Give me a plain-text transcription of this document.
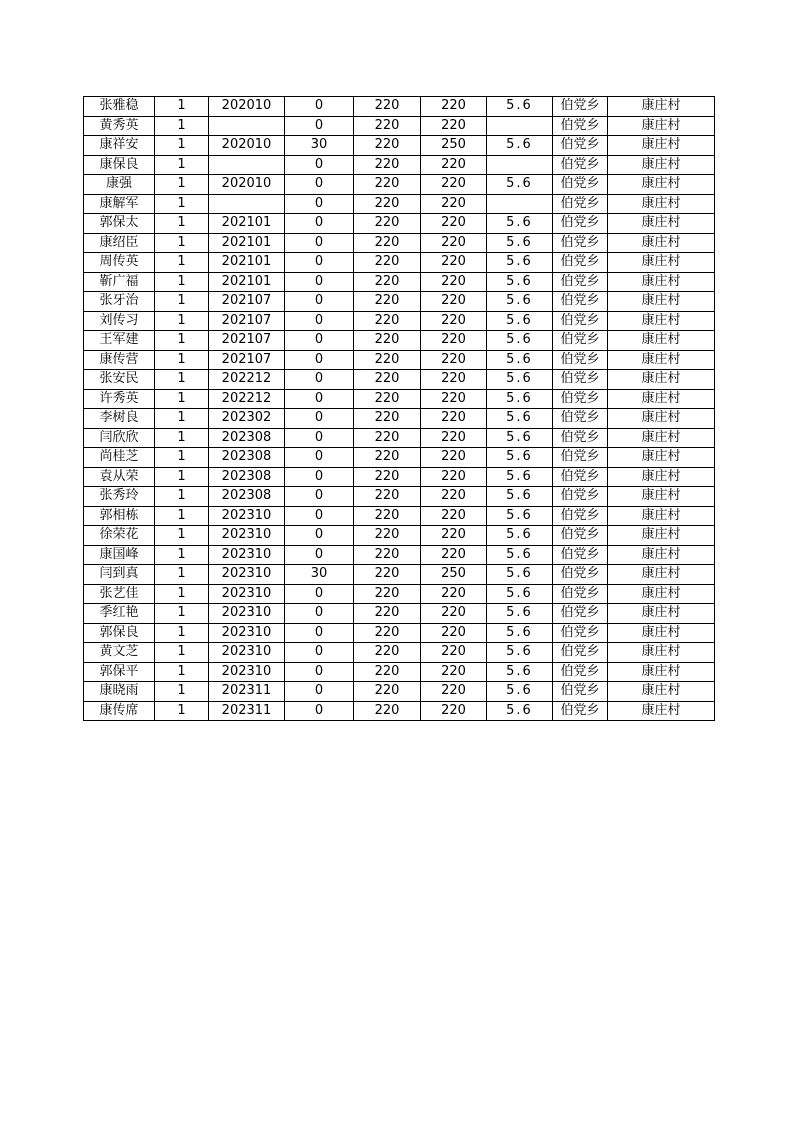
张雅稳	1	202010	0	220	220	5.6	伯党乡	康庄村
黄秀英	1		0	220	220		伯党乡	康庄村
康祥安	1	202010	30	220	250	5.6	伯党乡	康庄村
康保良	1		0	220	220		伯党乡	康庄村
康强	1	202010	0	220	220	5.6	伯党乡	康庄村
康解军	1		0	220	220		伯党乡	康庄村
郭保太	1	202101	0	220	220	5.6	伯党乡	康庄村
康绍臣	1	202101	0	220	220	5.6	伯党乡	康庄村
周传英	1	202101	0	220	220	5.6	伯党乡	康庄村
靳广福	1	202101	0	220	220	5.6	伯党乡	康庄村
张牙治	1	202107	0	220	220	5.6	伯党乡	康庄村
刘传习	1	202107	0	220	220	5.6	伯党乡	康庄村
王军建	1	202107	0	220	220	5.6	伯党乡	康庄村
康传营	1	202107	0	220	220	5.6	伯党乡	康庄村
张安民	1	202212	0	220	220	5.6	伯党乡	康庄村
许秀英	1	202212	0	220	220	5.6	伯党乡	康庄村
李树良	1	202302	0	220	220	5.6	伯党乡	康庄村
闫欣欣	1	202308	0	220	220	5.6	伯党乡	康庄村
尚桂芝	1	202308	0	220	220	5.6	伯党乡	康庄村
袁从荣	1	202308	0	220	220	5.6	伯党乡	康庄村
张秀玲	1	202308	0	220	220	5.6	伯党乡	康庄村
郭相栋	1	202310	0	220	220	5.6	伯党乡	康庄村
徐荣花	1	202310	0	220	220	5.6	伯党乡	康庄村
康国峰	1	202310	0	220	220	5.6	伯党乡	康庄村
闫到真	1	202310	30	220	250	5.6	伯党乡	康庄村
张艺佳	1	202310	0	220	220	5.6	伯党乡	康庄村
季红艳	1	202310	0	220	220	5.6	伯党乡	康庄村
郭保良	1	202310	0	220	220	5.6	伯党乡	康庄村
黄文芝	1	202310	0	220	220	5.6	伯党乡	康庄村
郭保平	1	202310	0	220	220	5.6	伯党乡	康庄村
康晓雨	1	202311	0	220	220	5.6	伯党乡	康庄村
康传席	1	202311	0	220	220	5.6	伯党乡	康庄村
